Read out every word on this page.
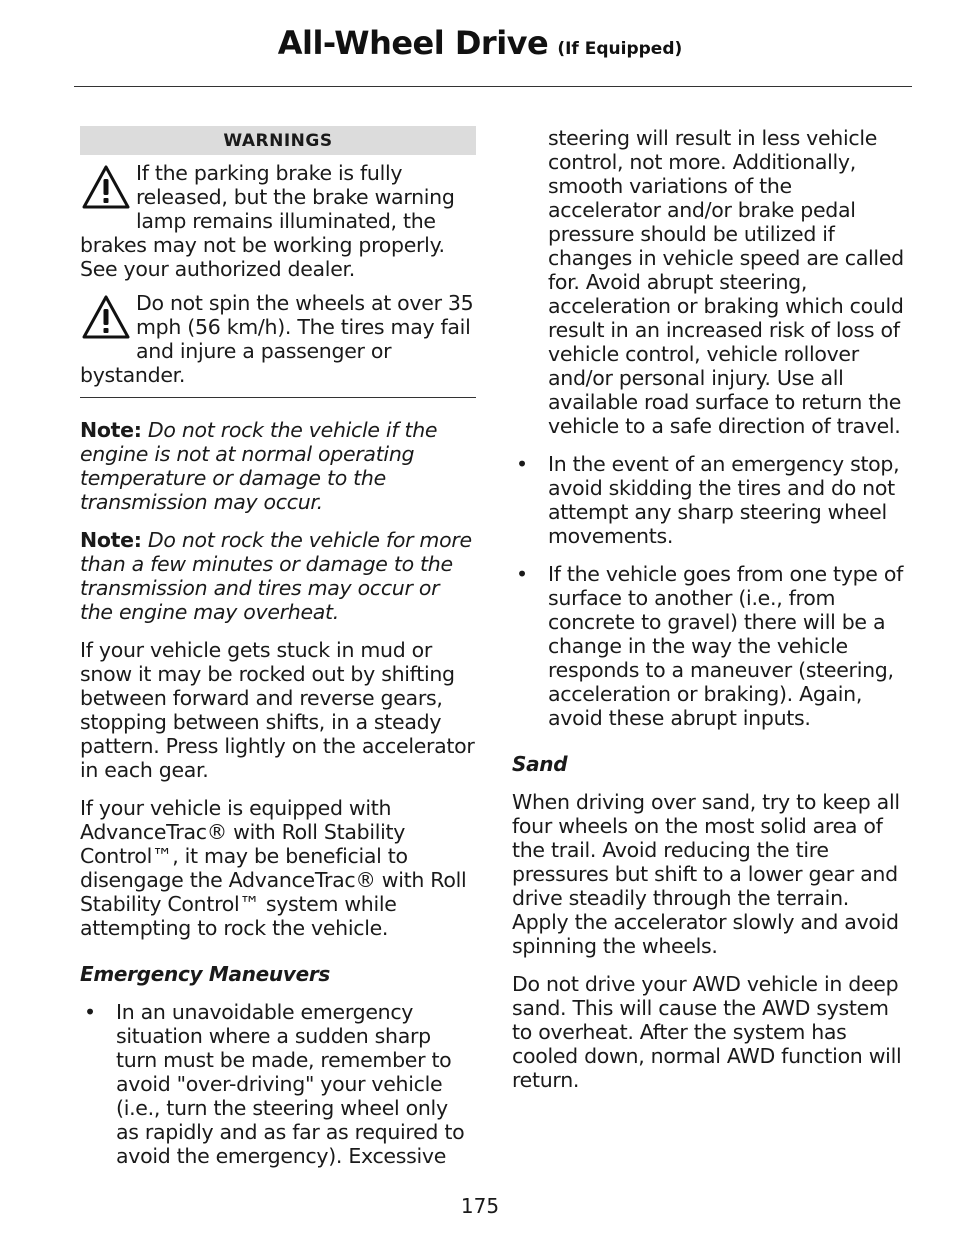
All-Wheel Drive (If Equipped)
WARNINGS
If the parking brake is fully released, but the brake warning lamp remains illuminated, the brakes may not be working properly. See your authorized dealer.
Do not spin the wheels at over 35 mph (56 km/h). The tires may fail and injure a passenger or bystander.

Note: Do not rock the vehicle if the engine is not at normal operating temperature or damage to the transmission may occur.

Note: Do not rock the vehicle for more than a few minutes or damage to the transmission and tires may occur or the engine may overheat.

If your vehicle gets stuck in mud or snow it may be rocked out by shifting between forward and reverse gears, stopping between shifts, in a steady pattern. Press lightly on the accelerator in each gear.

If your vehicle is equipped with AdvanceTrac® with Roll Stability Control™, it may be beneficial to disengage the AdvanceTrac® with Roll Stability Control™ system while attempting to rock the vehicle.

Emergency Maneuvers
• In an unavoidable emergency situation where a sudden sharp turn must be made, remember to avoid "over-driving" your vehicle (i.e., turn the steering wheel only as rapidly and as far as required to avoid the emergency). Excessive
steering will result in less vehicle control, not more. Additionally, smooth variations of the accelerator and/or brake pedal pressure should be utilized if changes in vehicle speed are called for. Avoid abrupt steering, acceleration or braking which could result in an increased risk of loss of vehicle control, vehicle rollover and/or personal injury. Use all available road surface to return the vehicle to a safe direction of travel.
• In the event of an emergency stop, avoid skidding the tires and do not attempt any sharp steering wheel movements.
• If the vehicle goes from one type of surface to another (i.e., from concrete to gravel) there will be a change in the way the vehicle responds to a maneuver (steering, acceleration or braking). Again, avoid these abrupt inputs.
Sand

When driving over sand, try to keep all four wheels on the most solid area of the trail. Avoid reducing the tire pressures but shift to a lower gear and drive steadily through the terrain. Apply the accelerator slowly and avoid spinning the wheels.

Do not drive your AWD vehicle in deep sand. This will cause the AWD system to overheat. After the system has cooled down, normal AWD function will return.

175
